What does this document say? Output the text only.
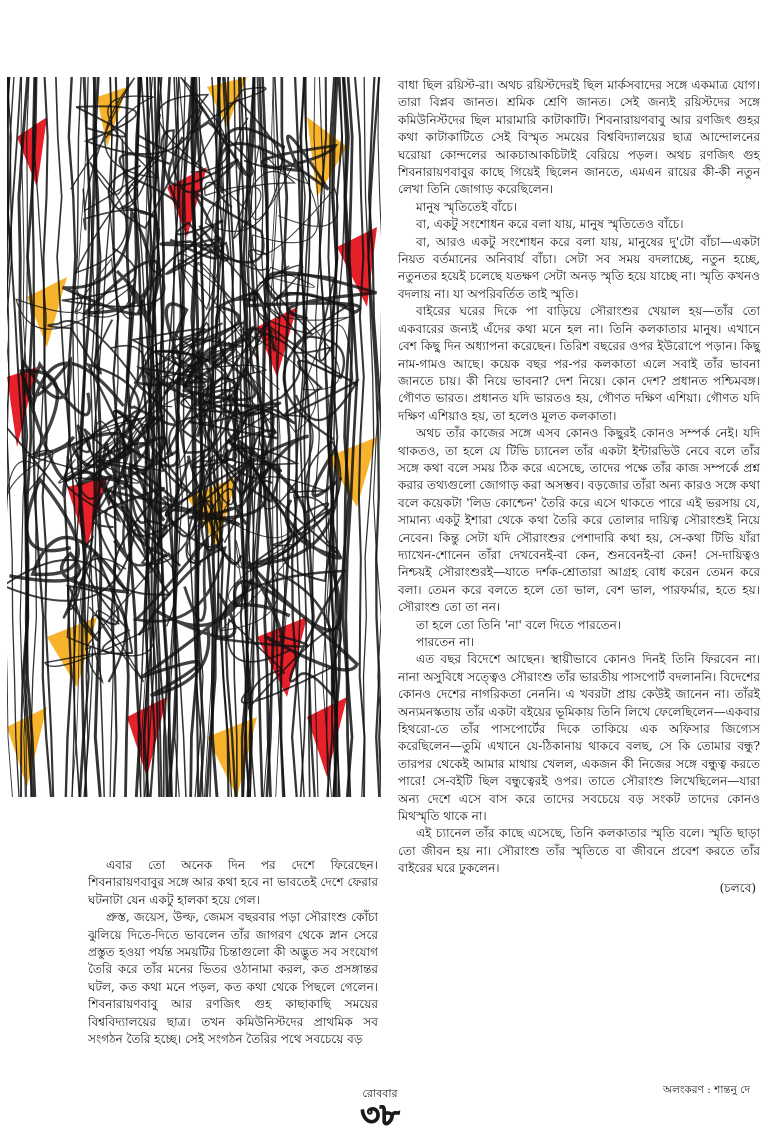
বাধা ছিল রয়িস্ট-রা। অথচ রয়িস্টদেরই ছিল মার্কসবাদের সঙ্গে একমাত্র যোগ। তারা বিপ্লব জানত। শ্রমিক শ্রেণি জানত। সেই জন্যই রয়িস্টদের সঙ্গে কমিউনিস্টদের ছিল মারামারি কাটাকাটি। শিবনারায়ণবাবু আর রণজিৎ গুহর কথা কাটাকাটিতে সেই বিস্মৃত সময়ের বিশ্ববিদ্যালয়ের ছাত্র আন্দোলনের ঘরোয়া কোন্দলের আকচাআকচিটাই বেরিয়ে পড়ল। অথচ রণজিৎ গুহ শিবনারায়ণবাবুর কাছে গিয়েই ছিলেন জানতে, এমএন রায়ের কী-কী নতুন লেখা তিনি জোগাড় করেছিলেন।

মানুষ স্মৃতিতেই বাঁচে।

বা, একটু সংশোধন করে বলা যায়, মানুষ স্মৃতিতেও বাঁচে।

বা, আরও একটু সংশোধন করে বলা যায়, মানুষের দু'টো বাঁচা—একটা নিয়ত বর্তমানের অনিবার্য বাঁচা। সেটা সব সময় বদলাচ্ছে, নতুন হচ্ছে, নতুনতর হয়েই চলেছে যতক্ষণ সেটা অনড় স্মৃতি হয়ে যাচ্ছে না। স্মৃতি কখনও বদলায় না। যা অপরিবর্তিত তাই স্মৃতি।

বাইরের ঘরের দিকে পা বাড়িয়ে সৌরাংশুর খেয়াল হয়—তাঁর তো একবারের জন্যই এঁদের কথা মনে হল না। তিনি কলকাতার মানুষ। এখানে বেশ কিছু দিন অধ্যাপনা করেছেন। তিরিশ বছরের ওপর ইউরোপে পড়ান। কিছু নাম-গামও আছে। কয়েক বছর পর-পর কলকাতা এলে সবাই তাঁর ভাবনা জানতে চায়। কী নিয়ে ভাবনা? দেশ নিয়ে। কোন দেশ? প্রধানত পশ্চিমবঙ্গ। গৌণত ভারত। প্রধানত যদি ভারতও হয়, গৌণত দক্ষিণ এশিয়া। গৌণত যদি দক্ষিণ এশিয়াও হয়, তা হলেও মূলত কলকাতা।

অথচ তাঁর কাজের সঙ্গে এসব কোনও কিছুরই কোনও সম্পর্ক নেই। যদি থাকতও, তা হলে যে টিভি চ্যানেল তাঁর একটা ইন্টারভিউ নেবে বলে তাঁর সঙ্গে কথা বলে সময় ঠিক করে এসেছে, তাদের পক্ষে তাঁর কাজ সম্পর্কে প্রশ্ন করার তথ্যগুলো জোগাড় করা অসম্ভব। বড়জোর তাঁরা অন্য কারও সঙ্গে কথা বলে কয়েকটা 'লিড কোশ্চেন' তৈরি করে এসে থাকতে পারে এই ভরসায় যে, সামান্য একটু ইশারা থেকে কথা তৈরি করে তোলার দায়িত্ব সৌরাংশুই নিয়ে নেবেন। কিন্তু সেটা যদি সৌরাংশুর পেশাদারি কথা হয়, সে-কথা টিভি যাঁরা দ্যাখেন-শোনেন তাঁরা দেখবেনই-বা কেন, শুনবেনই-বা কেন! সে-দায়িত্বও নিশ্চয়ই সৌরাংশুরই—যাতে দর্শক-শ্রোতারা আগ্রহ বোধ করেন তেমন করে বলা। তেমন করে বলতে হলে তো ভাল, বেশ ভাল, পারফর্মার, হতে হয়। সৌরাংশু তো তা নন।

তা হলে তো তিনি 'না' বলে দিতে পারতেন।

পারতেন না।

এত বছর বিদেশে আছেন। স্থায়ীভাবে কোনও দিনই তিনি ফিরবেন না। নানা অসুবিধে সত্ত্বেও সৌরাংশু তাঁর ভারতীয় পাসপোর্ট বদলাননি। বিদেশের কোনও দেশের নাগরিকতা নেননি। এ খবরটা প্রায় কেউই জানেন না। তাঁরই অন্যমনস্কতায় তাঁর একটা বইয়ের ভূমিকায় তিনি লিখে ফেলেছিলেন—একবার হিথরো-তে তাঁর পাসপোর্টের দিকে তাকিয়ে এক অফিসার জিগ্যেস করেছিলেন—তুমি এখানে যে-ঠিকানায় থাকবে বলছ, সে কি তোমার বন্ধু? তারপর থেকেই আমার মাথায় খেলল, একজন কী নিজের সঙ্গে বন্ধুত্ব করতে পারে! সে-বইটি ছিল বন্ধুত্বেরই ওপর। তাতে সৌরাংশু লিখেছিলেন—যারা অন্য দেশে এসে বাস করে তাদের সবচেয়ে বড় সংকট তাদের কোনও মিথস্মৃতি থাকে না।

এই চ্যানেল তাঁর কাছে এসেছে, তিনি কলকাতার স্মৃতি বলে। স্মৃতি ছাড়া তো জীবন হয় না। সৌরাংশু তাঁর স্মৃতিতে বা জীবনে প্রবেশ করতে তাঁর বাইরের ঘরে ঢুকলেন।

(চলবে)

এবার তো অনেক দিন পর দেশে ফিরেছেন। শিবনারায়ণবাবুর সঙ্গে আর কথা হবে না ভাবতেই দেশে ফেরার ঘটনাটা যেন একটু হালকা হয়ে গেল।

প্রুস্ত, জয়েস, উল্ফ, জেমস বছরবার পড়া সৌরাংশু কোঁচা ঝুলিয়ে দিতে-দিতে ভাবলেন তাঁর জাগরণ থেকে স্নান সেরে প্রস্তুত হওয়া পর্যন্ত সময়টির চিন্তাগুলো কী অদ্ভুত সব সংযোগ তৈরি করে তাঁর মনের ভিতর ওঠানামা করল, কত প্রসঙ্গান্তর ঘটল, কত কথা মনে পড়ল, কত কথা থেকে পিছলে গেলেন। শিবনারায়ণবাবু আর রণজিৎ গুহ কাছাকাছি সময়ের বিশ্ববিদ্যালয়ের ছাত্র। তখন কমিউনিস্টদের প্রাথমিক সব সংগঠন তৈরি হচ্ছে। সেই সংগঠন তৈরির পথে সবচেয়ে বড়

অলংকরণ : শান্তনু দে
রোববার
৩৮
